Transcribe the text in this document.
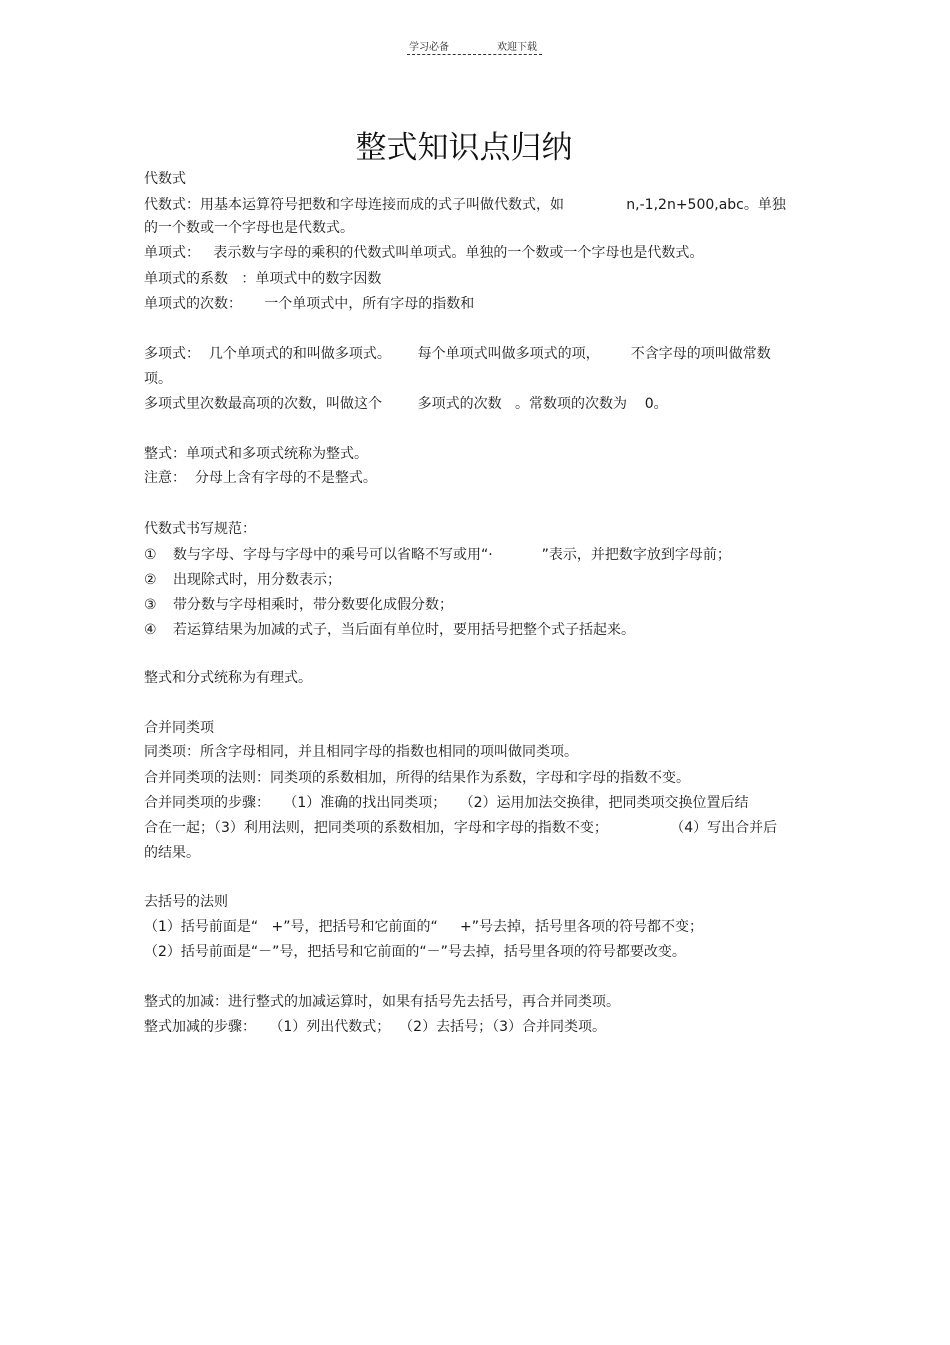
学习必备	欢迎下载
整式知识点归纳
代数式
代数式：用基本运算符号把数和字母连接而成的式子叫做代数式，如              n,-1,2n+500,abc。单独
的一个数或一个字母也是代数式。
单项式：   表示数与字母的乘积的代数式叫单项式。单独的一个数或一个字母也是代数式。
单项式的系数   ：单项式中的数字因数
单项式的次数：     一个单项式中，所有字母的指数和
多项式：  几个单项式的和叫做多项式。      每个单项式叫做多项式的项，       不含字母的项叫做常数
项。
多项式里次数最高项的次数，叫做这个        多项式的次数   。常数项的次数为    0。
整式：单项式和多项式统称为整式。
注意：  分母上含有字母的不是整式。
代数式书写规范：
① 数与字母、字母与字母中的乘号可以省略不写或用“·           ”表示，并把数字放到字母前；
② 出现除式时，用分数表示；
③ 带分数与字母相乘时，带分数要化成假分数；
④ 若运算结果为加减的式子，当后面有单位时，要用括号把整个式子括起来。
整式和分式统称为有理式。
合并同类项
同类项：所含字母相同，并且相同字母的指数也相同的项叫做同类项。
合并同类项的法则：同类项的系数相加，所得的结果作为系数，字母和字母的指数不变。
合并同类项的步骤：   （1）准确的找出同类项；   （2）运用加法交换律，把同类项交换位置后结
合在一起；（3）利用法则，把同类项的系数相加，字母和字母的指数不变；              （4）写出合并后
的结果。
去括号的法则
（1）括号前面是“   +”号，把括号和它前面的“     +”号去掉，括号里各项的符号都不变；
（2）括号前面是“－”号，把括号和它前面的“－”号去掉，括号里各项的符号都要改变。
整式的加减：进行整式的加减运算时，如果有括号先去括号，再合并同类项。
整式加减的步骤：   （1）列出代数式；  （2）去括号；（3）合并同类项。
